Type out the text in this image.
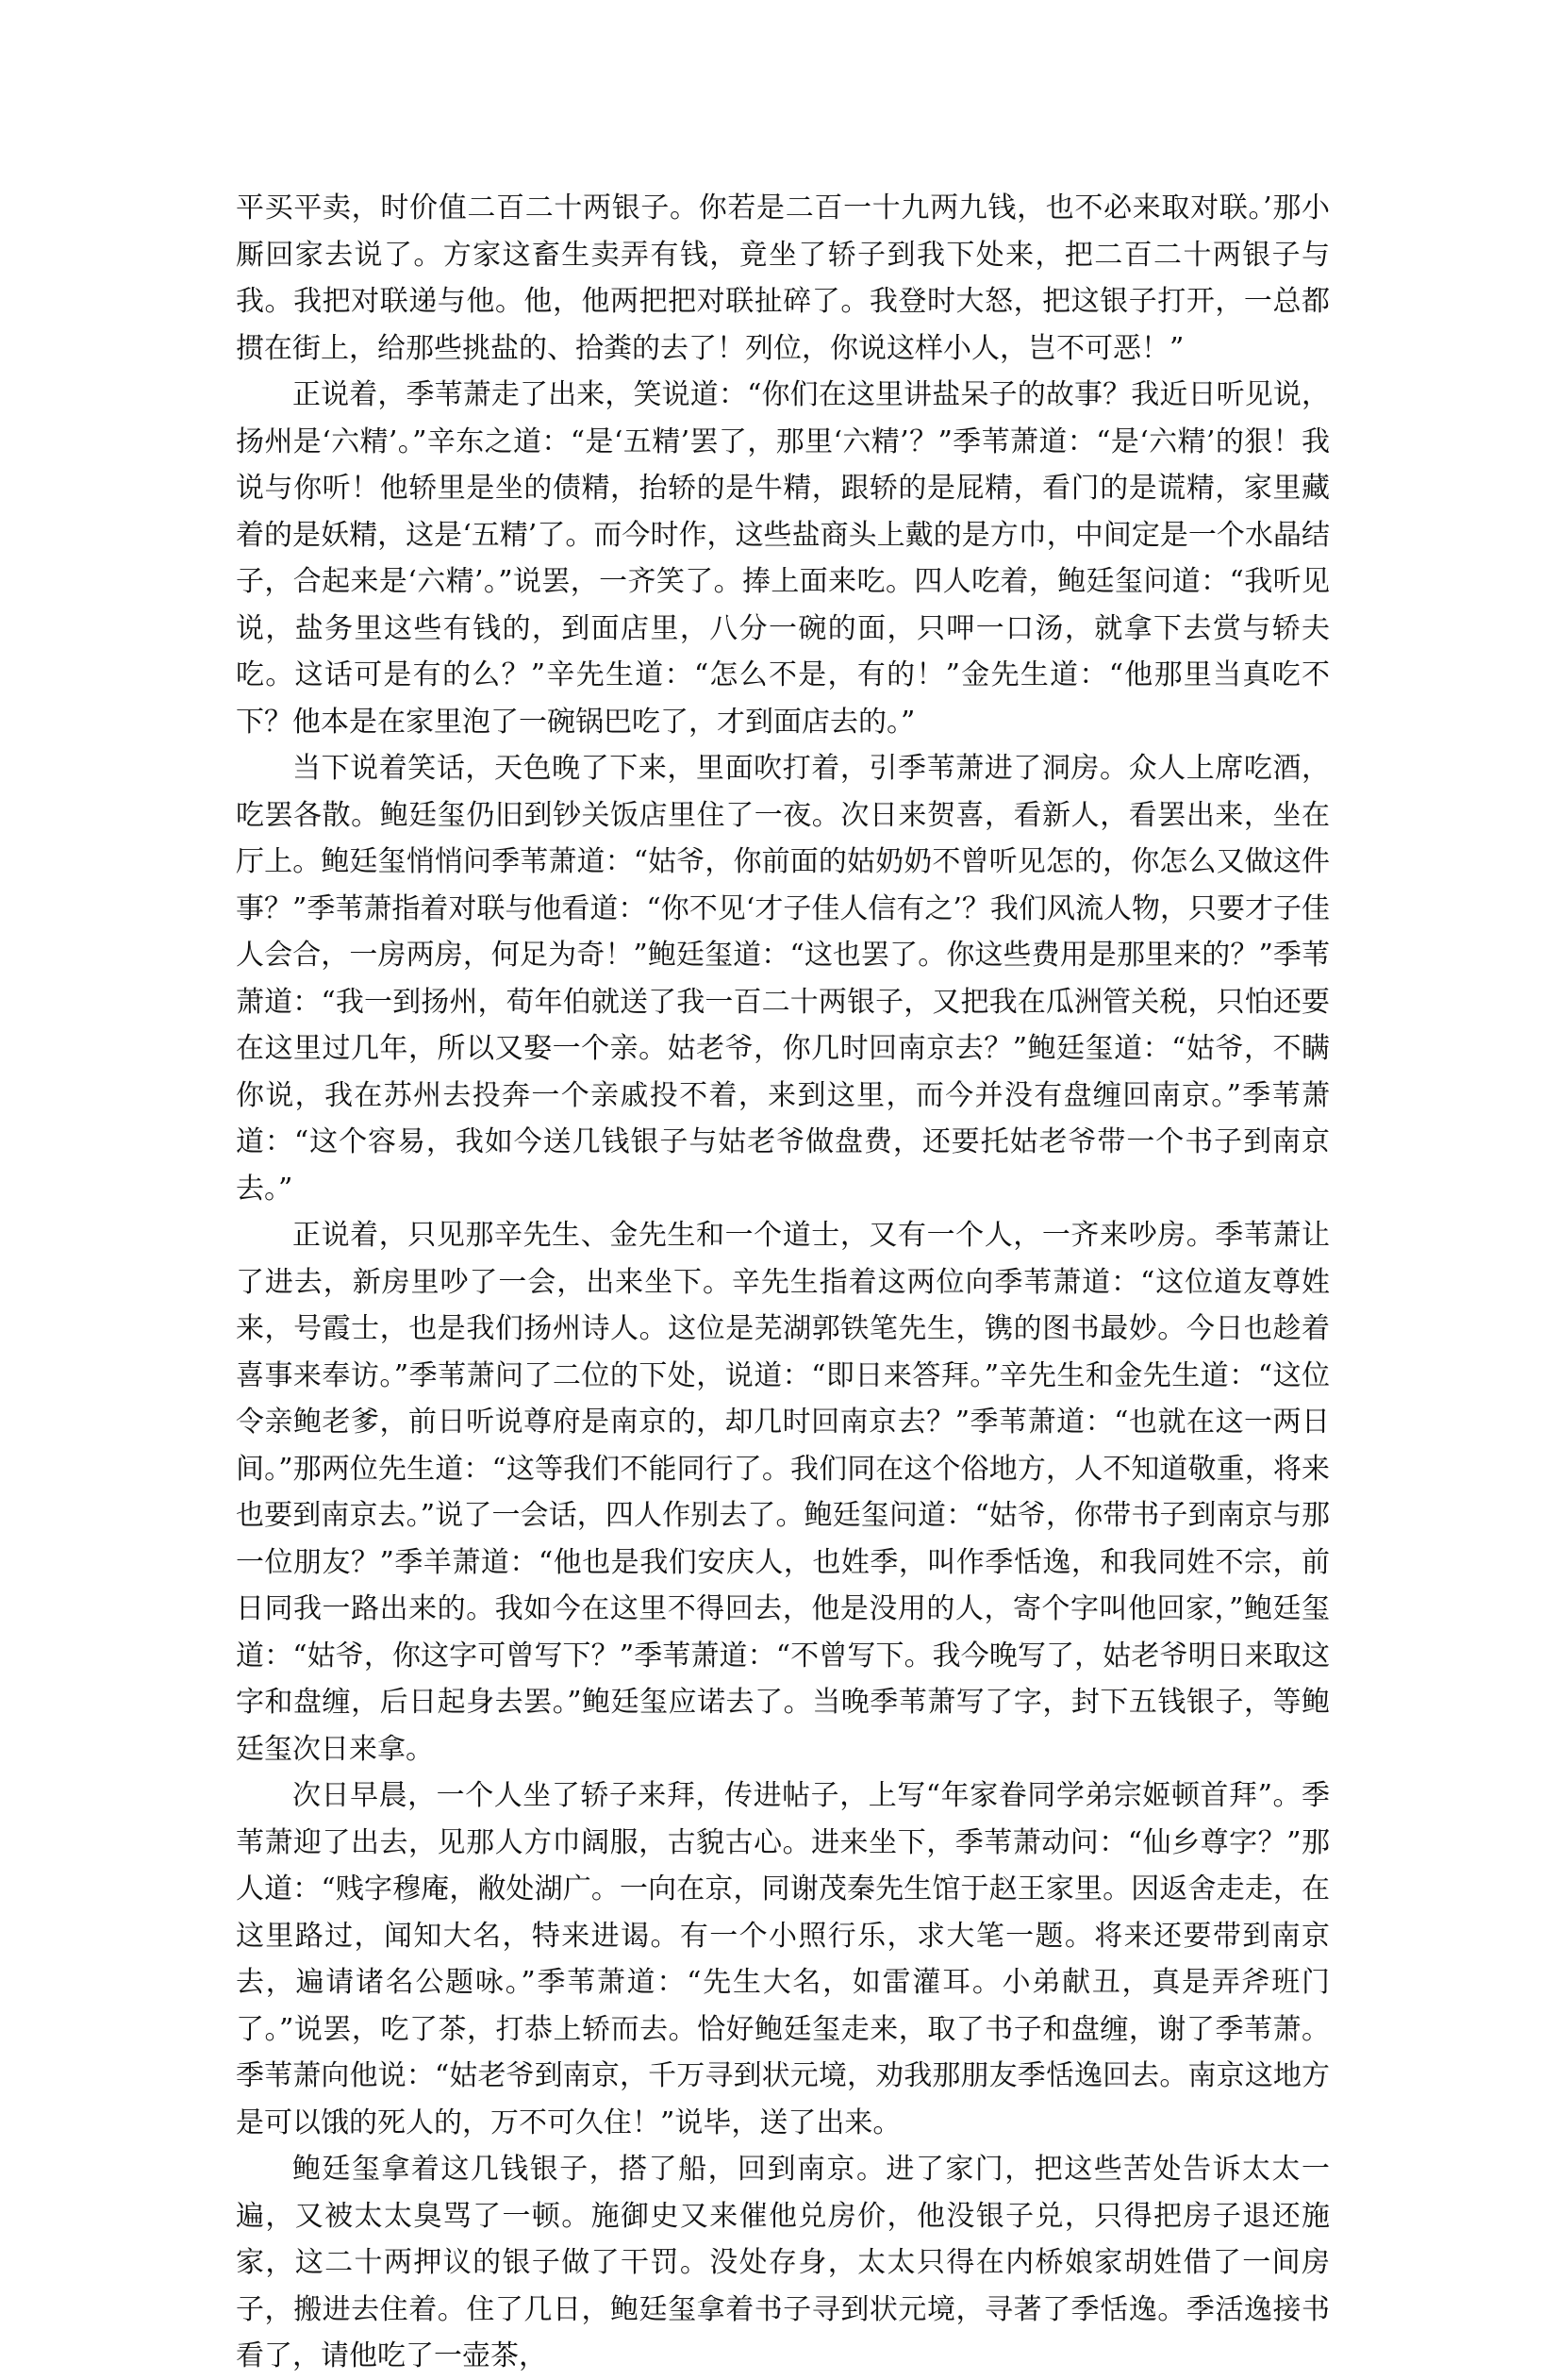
平买平卖，时价值二百二十两银子。你若是二百一十九两九钱，也不必来取对联。’那小厮回家去说了。方家这畜生卖弄有钱，竟坐了轿子到我下处来，把二百二十两银子与我。我把对联递与他。他，他两把把对联扯碎了。我登时大怒，把这银子打开，一总都掼在街上，给那些挑盐的、拾粪的去了！列位，你说这样小人，岂不可恶！”

正说着，季苇萧走了出来，笑说道：“你们在这里讲盐呆子的故事？我近日听见说，扬州是‘六精’。”辛东之道：“是‘五精’罢了，那里‘六精’？”季苇萧道：“是‘六精’的狠！我说与你听！他轿里是坐的债精，抬轿的是牛精，跟轿的是屁精，看门的是谎精，家里藏着的是妖精，这是‘五精’了。而今时作，这些盐商头上戴的是方巾，中间定是一个水晶结子，合起来是‘六精’。”说罢，一齐笑了。捧上面来吃。四人吃着，鲍廷玺问道：“我听见说，盐务里这些有钱的，到面店里，八分一碗的面，只呷一口汤，就拿下去赏与轿夫吃。这话可是有的么？”辛先生道：“怎么不是，有的！”金先生道：“他那里当真吃不下？他本是在家里泡了一碗锅巴吃了，才到面店去的。”

当下说着笑话，天色晚了下来，里面吹打着，引季苇萧进了洞房。众人上席吃酒，吃罢各散。鲍廷玺仍旧到钞关饭店里住了一夜。次日来贺喜，看新人，看罢出来，坐在厅上。鲍廷玺悄悄问季苇萧道：“姑爷，你前面的姑奶奶不曾听见怎的，你怎么又做这件事？”季苇萧指着对联与他看道：“你不见‘才子佳人信有之’？我们风流人物，只要才子佳人会合，一房两房，何足为奇！”鲍廷玺道：“这也罢了。你这些费用是那里来的？”季苇萧道：“我一到扬州，荀年伯就送了我一百二十两银子，又把我在瓜洲管关税，只怕还要在这里过几年，所以又娶一个亲。姑老爷，你几时回南京去？”鲍廷玺道：“姑爷，不瞒你说，我在苏州去投奔一个亲戚投不着，来到这里，而今并没有盘缠回南京。”季苇萧道：“这个容易，我如今送几钱银子与姑老爷做盘费，还要托姑老爷带一个书子到南京去。”

正说着，只见那辛先生、金先生和一个道士，又有一个人，一齐来吵房。季苇萧让了进去，新房里吵了一会，出来坐下。辛先生指着这两位向季苇萧道：“这位道友尊姓来，号霞士，也是我们扬州诗人。这位是芜湖郭铁笔先生，镌的图书最妙。今日也趁着喜事来奉访。”季苇萧问了二位的下处，说道：“即日来答拜。”辛先生和金先生道：“这位令亲鲍老爹，前日听说尊府是南京的，却几时回南京去？”季苇萧道：“也就在这一两日间。”那两位先生道：“这等我们不能同行了。我们同在这个俗地方，人不知道敬重，将来也要到南京去。”说了一会话，四人作别去了。鲍廷玺问道：“姑爷，你带书子到南京与那一位朋友？”季羊萧道：“他也是我们安庆人，也姓季，叫作季恬逸，和我同姓不宗，前日同我一路出来的。我如今在这里不得回去，他是没用的人，寄个字叫他回家，”鲍廷玺道：“姑爷，你这字可曾写下？”季苇萧道：“不曾写下。我今晚写了，姑老爷明日来取这字和盘缠，后日起身去罢。”鲍廷玺应诺去了。当晚季苇萧写了字，封下五钱银子，等鲍廷玺次日来拿。

次日早晨，一个人坐了轿子来拜，传进帖子，上写“年家眷同学弟宗姬顿首拜”。季苇萧迎了出去，见那人方巾阔服，古貌古心。进来坐下，季苇萧动问：“仙乡尊字？”那人道：“贱字穆庵，敝处湖广。一向在京，同谢茂秦先生馆于赵王家里。因返舍走走，在这里路过，闻知大名，特来进谒。有一个小照行乐，求大笔一题。将来还要带到南京去，遍请诸名公题咏。”季苇萧道：“先生大名，如雷灌耳。小弟献丑，真是弄斧班门了。”说罢，吃了茶，打恭上轿而去。恰好鲍廷玺走来，取了书子和盘缠，谢了季苇萧。季苇萧向他说：“姑老爷到南京，千万寻到状元境，劝我那朋友季恬逸回去。南京这地方是可以饿的死人的，万不可久住！”说毕，送了出来。

鲍廷玺拿着这几钱银子，搭了船，回到南京。进了家门，把这些苦处告诉太太一遍，又被太太臭骂了一顿。施御史又来催他兑房价，他没银子兑，只得把房子退还施家，这二十两押议的银子做了干罚。没处存身，太太只得在内桥娘家胡姓借了一间房子，搬进去住着。住了几日，鲍廷玺拿着书子寻到状元境，寻著了季恬逸。季活逸接书看了，请他吃了一壶茶，
